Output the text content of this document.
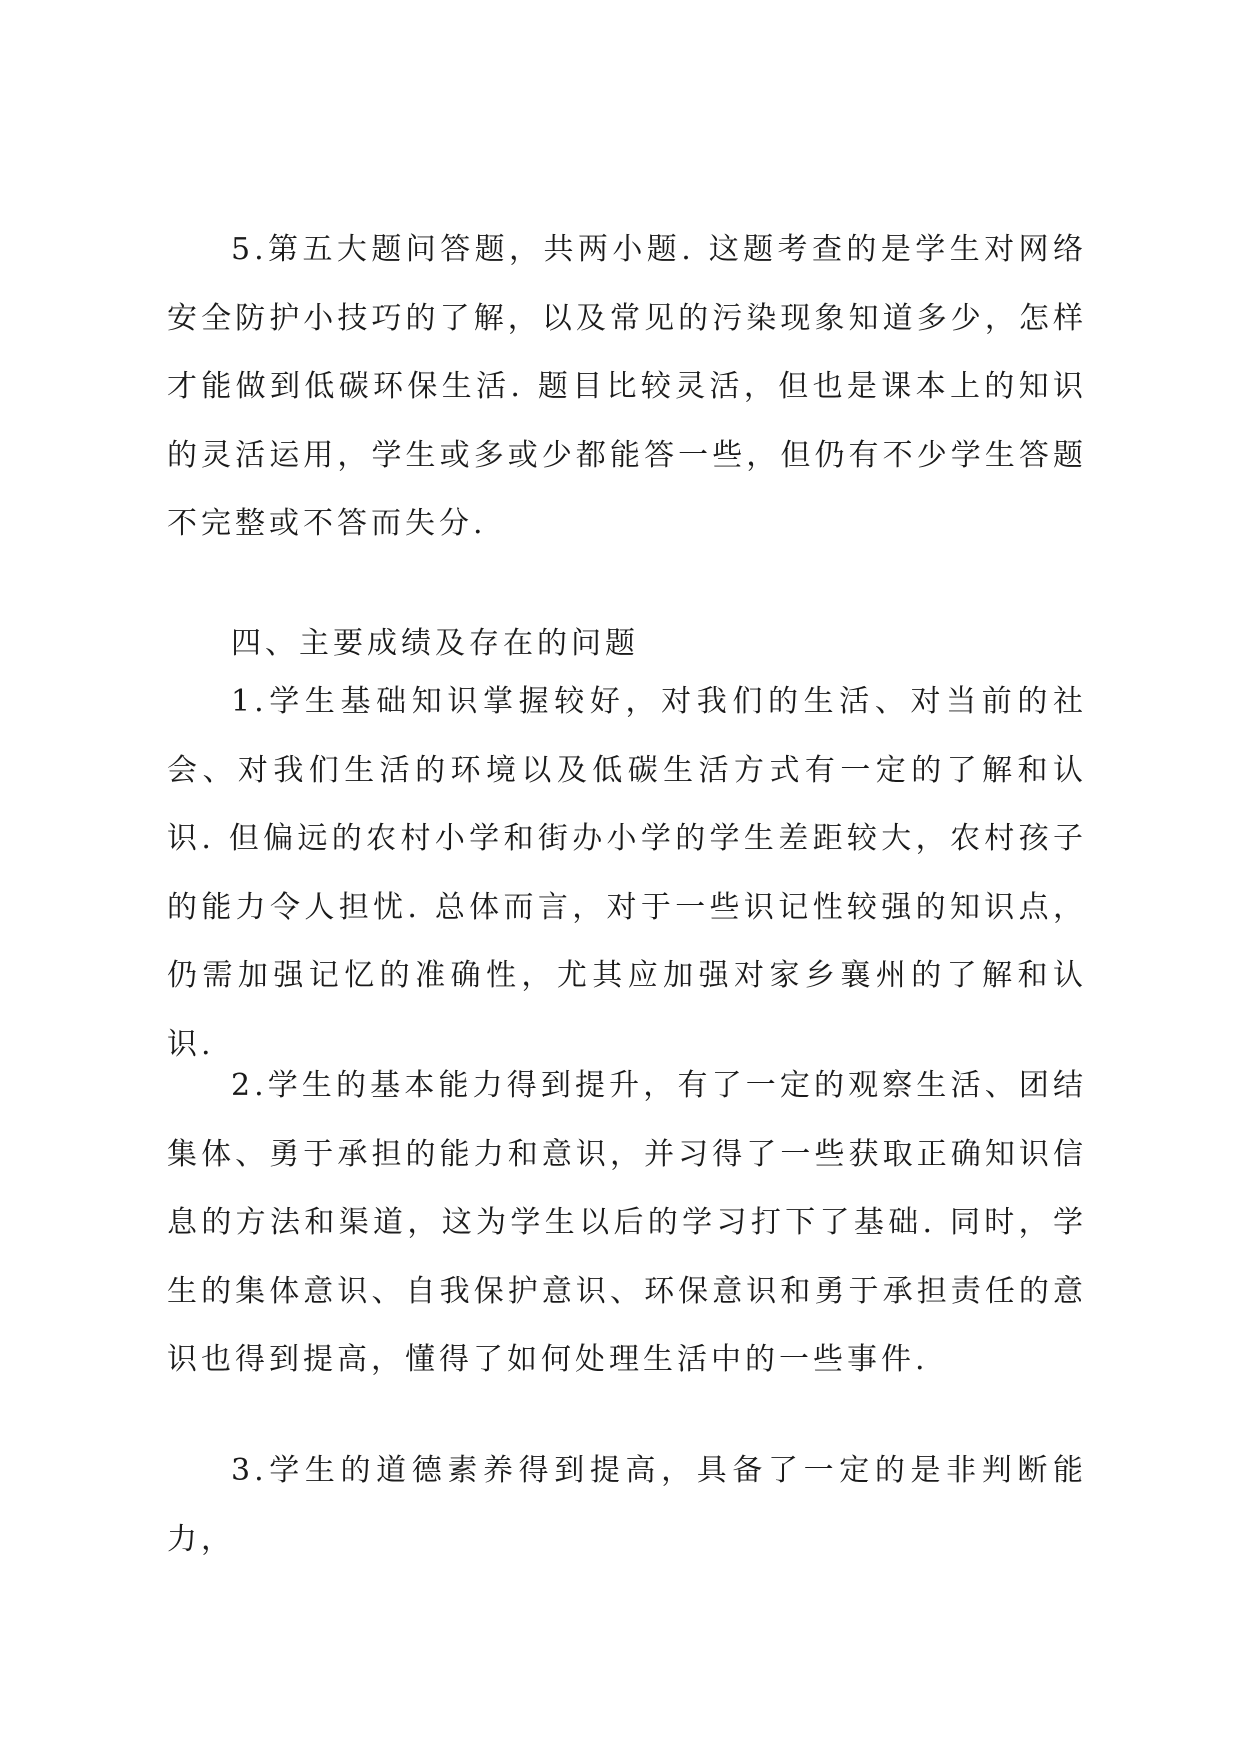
5.第五大题问答题，共两小题. 这题考查的是学生对网络安全防护小技巧的了解，以及常见的污染现象知道多少，怎样才能做到低碳环保生活. 题目比较灵活，但也是课本上的知识的灵活运用，学生或多或少都能答一些，但仍有不少学生答题不完整或不答而失分.

四、主要成绩及存在的问题

1.学生基础知识掌握较好，对我们的生活、对当前的社会、对我们生活的环境以及低碳生活方式有一定的了解和认识. 但偏远的农村小学和街办小学的学生差距较大，农村孩子的能力令人担忧. 总体而言，对于一些识记性较强的知识点，仍需加强记忆的准确性，尤其应加强对家乡襄州的了解和认识.

2.学生的基本能力得到提升，有了一定的观察生活、团结集体、勇于承担的能力和意识，并习得了一些获取正确知识信息的方法和渠道，这为学生以后的学习打下了基础. 同时，学生的集体意识、自我保护意识、环保意识和勇于承担责任的意识也得到提高，懂得了如何处理生活中的一些事件.

3.学生的道德素养得到提高，具备了一定的是非判断能力，
